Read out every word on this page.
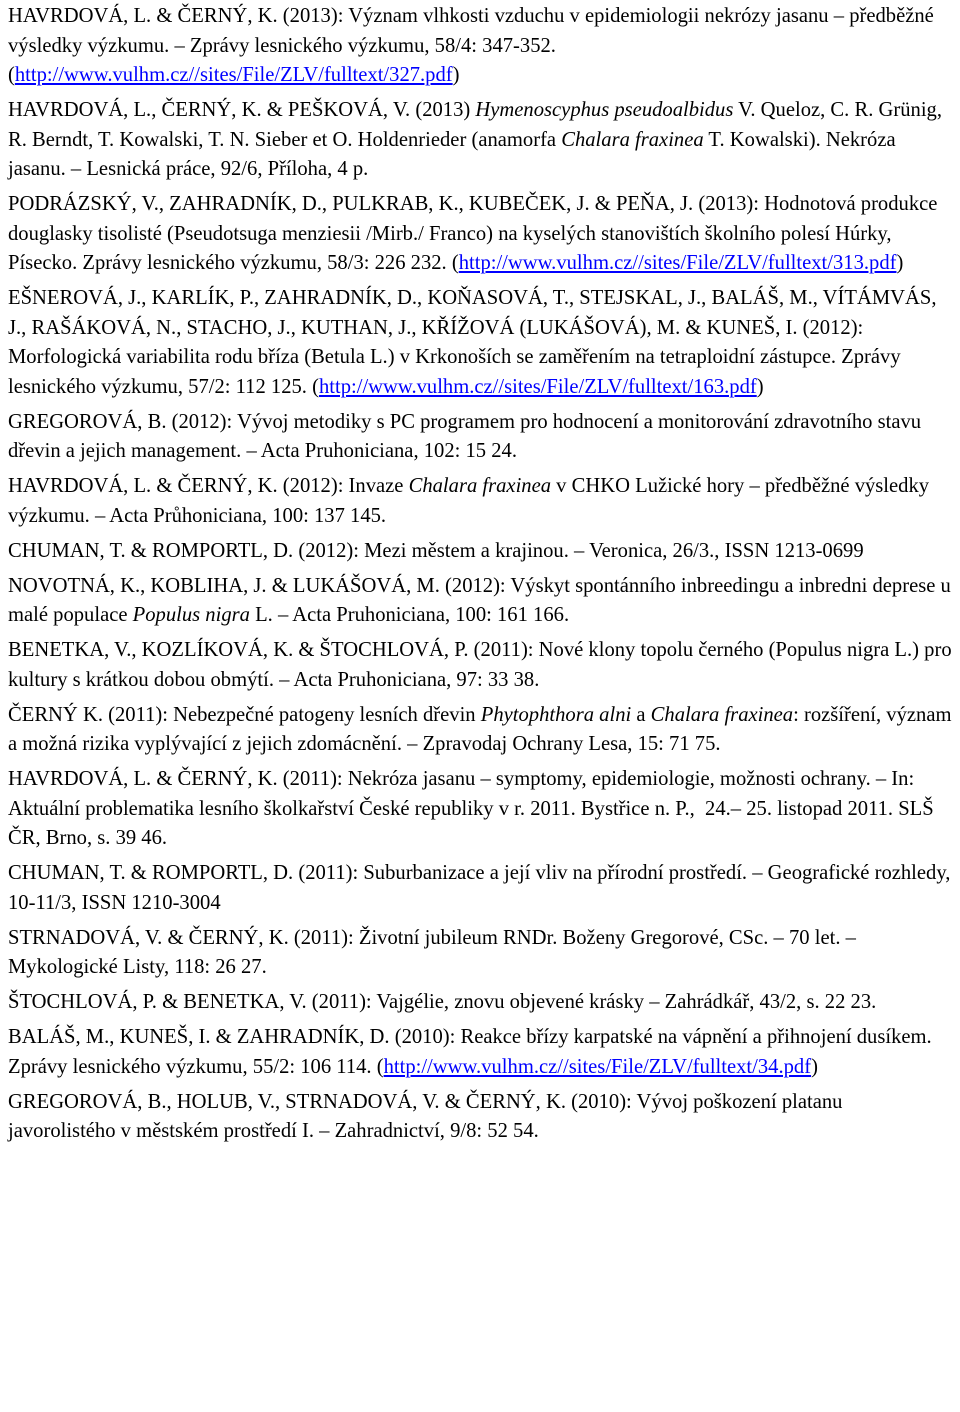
HAVRDOVÁ, L. & ČERNÝ, K. (2013): Význam vlhkosti vzduchu v epidemiologii nekrózy jasanu – předběžné výsledky výzkumu. – Zprávy lesnického výzkumu, 58/4: 347-352. (http://www.vulhm.cz//sites/File/ZLV/fulltext/327.pdf)

HAVRDOVÁ, L., ČERNÝ, K. & PEŠKOVÁ, V. (2013) Hymenoscyphus pseudoalbidus V. Queloz, C. R. Grünig, R. Berndt, T. Kowalski, T. N. Sieber et O. Holdenrieder (anamorfa Chalara fraxinea T. Kowalski). Nekróza jasanu. – Lesnická práce, 92/6, Příloha, 4 p.

PODRÁZSKÝ, V., ZAHRADNÍK, D., PULKRAB, K., KUBEČEK, J. & PEŇA, J. (2013): Hodnotová produkce douglasky tisolisté (Pseudotsuga menziesii /Mirb./ Franco) na kyselých stanovištích školního polesí Húrky, Písecko. Zprávy lesnického výzkumu, 58/3: 226 232. (http://www.vulhm.cz//sites/File/ZLV/fulltext/313.pdf)

EŠNEROVÁ, J., KARLÍK, P., ZAHRADNÍK, D., KOŇASOVÁ, T., STEJSKAL, J., BALÁŠ, M., VÍTÁMVÁS, J., RAŠÁKOVÁ, N., STACHO, J., KUTHAN, J., KŘÍŽOVÁ (LUKÁŠOVÁ), M. & KUNEŠ, I. (2012): Morfologická variabilita rodu bříza (Betula L.) v Krkonoších se zaměřením na tetraploidní zástupce. Zprávy lesnického výzkumu, 57/2: 112 125. (http://www.vulhm.cz//sites/File/ZLV/fulltext/163.pdf)

GREGOROVÁ, B. (2012): Vývoj metodiky s PC programem pro hodnocení a monitorování zdravotního stavu dřevin a jejich management. – Acta Pruhoniciana, 102: 15 24.

HAVRDOVÁ, L. & ČERNÝ, K. (2012): Invaze Chalara fraxinea v CHKO Lužické hory – předběžné výsledky výzkumu. – Acta Průhoniciana, 100: 137 145.

CHUMAN, T. & ROMPORTL, D. (2012): Mezi městem a krajinou. – Veronica, 26/3., ISSN 1213-0699

NOVOTNÁ, K., KOBLIHA, J. & LUKÁŠOVÁ, M. (2012): Výskyt spontánního inbreedingu a inbredni deprese u malé populace Populus nigra L. – Acta Pruhoniciana, 100: 161 166.

BENETKA, V., KOZLÍKOVÁ, K. & ŠTOCHLOVÁ, P. (2011): Nové klony topolu černého (Populus nigra L.) pro kultury s krátkou dobou obmýtí. – Acta Pruhoniciana, 97: 33 38.

ČERNÝ K. (2011): Nebezpečné patogeny lesních dřevin Phytophthora alni a Chalara fraxinea: rozšíření, význam a možná rizika vyplývající z jejich zdomácnění. – Zpravodaj Ochrany Lesa, 15: 71 75.

HAVRDOVÁ, L. & ČERNÝ, K. (2011): Nekróza jasanu – symptomy, epidemiologie, možnosti ochrany. – In: Aktuální problematika lesního školkařství České republiky v r. 2011. Bystřice n. P.,  24.– 25. listopad 2011. SLŠ ČR, Brno, s. 39 46.

CHUMAN, T. & ROMPORTL, D. (2011): Suburbanizace a její vliv na přírodní prostředí. – Geografické rozhledy, 10-11/3, ISSN 1210-3004

STRNADOVÁ, V. & ČERNÝ, K. (2011): Životní jubileum RNDr. Boženy Gregorové, CSc. – 70 let. – Mykologické Listy, 118: 26 27.

ŠTOCHLOVÁ, P. & BENETKA, V. (2011): Vajgélie, znovu objevené krásky – Zahrádkář, 43/2, s. 22 23.

BALÁŠ, M., KUNEŠ, I. & ZAHRADNÍK, D. (2010): Reakce břízy karpatské na vápnění a přihnojení dusíkem. Zprávy lesnického výzkumu, 55/2: 106 114. (http://www.vulhm.cz//sites/File/ZLV/fulltext/34.pdf)

GREGOROVÁ, B., HOLUB, V., STRNADOVÁ, V. & ČERNÝ, K. (2010): Vývoj poškození platanu javorolistého v městském prostředí I. – Zahradnictví, 9/8: 52 54.
